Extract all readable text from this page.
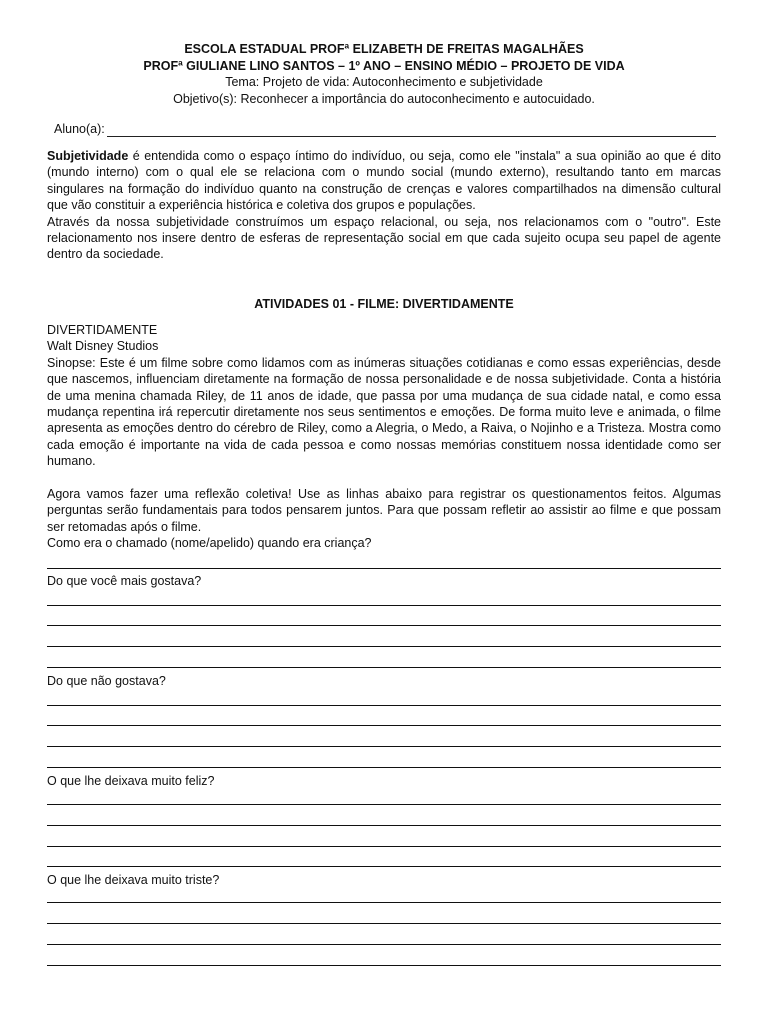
ESCOLA ESTADUAL PROFª ELIZABETH DE FREITAS MAGALHÃES
PROFª GIULIANE LINO SANTOS – 1º ANO – ENSINO MÉDIO – PROJETO DE VIDA
Tema: Projeto de vida: Autoconhecimento e subjetividade
Objetivo(s): Reconhecer a importância do autoconhecimento e autocuidado.
Aluno(a):
Subjetividade é entendida como o espaço íntimo do indivíduo, ou seja, como ele "instala" a sua opinião ao que é dito (mundo interno) com o qual ele se relaciona com o mundo social (mundo externo), resultando tanto em marcas singulares na formação do indivíduo quanto na construção de crenças e valores compartilhados na dimensão cultural que vão constituir a experiência histórica e coletiva dos grupos e populações.
Através da nossa subjetividade construímos um espaço relacional, ou seja, nos relacionamos com o "outro". Este relacionamento nos insere dentro de esferas de representação social em que cada sujeito ocupa seu papel de agente dentro da sociedade.
ATIVIDADES 01 - FILME: DIVERTIDAMENTE
DIVERTIDAMENTE
Walt Disney Studios
Sinopse: Este é um filme sobre como lidamos com as inúmeras situações cotidianas e como essas experiências, desde que nascemos, influenciam diretamente na formação de nossa personalidade e de nossa subjetividade. Conta a história de uma menina chamada Riley, de 11 anos de idade, que passa por uma mudança de sua cidade natal, e como essa mudança repentina irá repercutir diretamente nos seus sentimentos e emoções. De forma muito leve e animada, o filme apresenta as emoções dentro do cérebro de Riley, como a Alegria, o Medo, a Raiva, o Nojinho e a Tristeza. Mostra como cada emoção é importante na vida de cada pessoa e como nossas memórias constituem nossa identidade como ser humano.
Agora vamos fazer uma reflexão coletiva! Use as linhas abaixo para registrar os questionamentos feitos. Algumas perguntas serão fundamentais para todos pensarem juntos. Para que possam refletir ao assistir ao filme e que possam ser retomadas após o filme.
Como era o chamado (nome/apelido) quando era criança?
Do que você mais gostava?
Do que não gostava?
O que lhe deixava muito feliz?
O que lhe deixava muito triste?
